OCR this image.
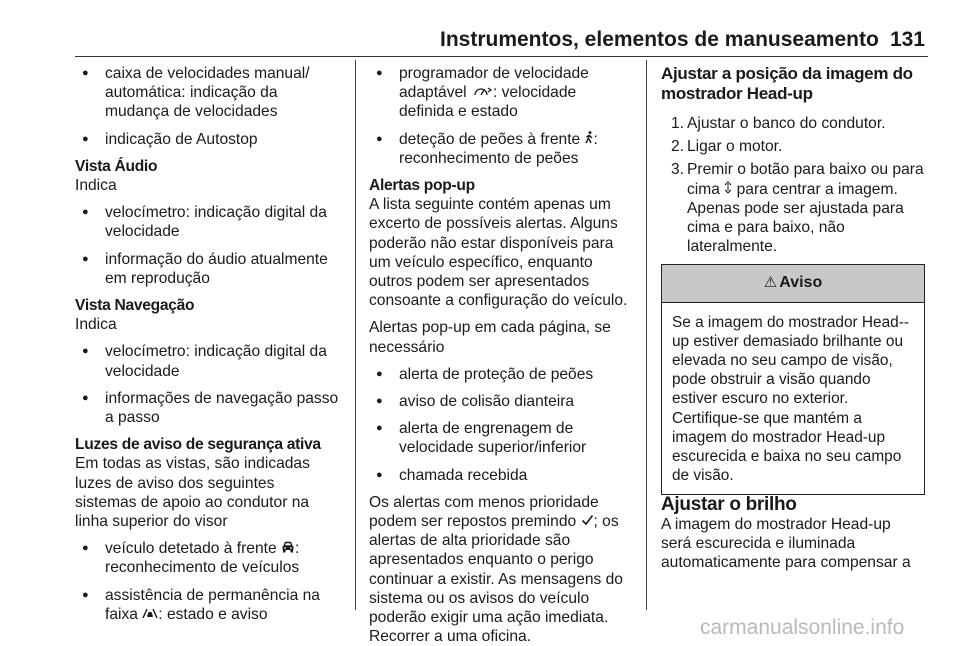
Instrumentos, elementos de manuseamento 131
● caixa de velocidades manual/ automática: indicação da mudança de velocidades
● indicação de Autostop

Vista Áudio

Indica

● velocímetro: indicação digital da velocidade
● informação do áudio atualmente em reprodução

Vista Navegação

Indica

● velocímetro: indicação digital da velocidade
● informações de navegação passo a passo

Luzes de aviso de segurança ativa

Em todas as vistas, são indicadas luzes de aviso dos seguintes sistemas de apoio ao condutor na linha superior do visor

● veículo detetado à frente : reconhecimento de veículos
● assistência de permanência na faixa : estado e aviso
● programador de velocidade adaptável : velocidade definida e estado
● deteção de peões à frente : reconhecimento de peões

Alertas pop-up

A lista seguinte contém apenas um excerto de possíveis alertas. Alguns poderão não estar disponíveis para um veículo específico, enquanto outros podem ser apresentados consoante a configuração do veículo.

Alertas pop-up em cada página, se necessário

● alerta de proteção de peões
● aviso de colisão dianteira
● alerta de engrenagem de velocidade superior/inferior
● chamada recebida

Os alertas com menos prioridade podem ser repostos premindo ; os alertas de alta prioridade são apresentados enquanto o perigo continuar a existir. As mensagens do sistema ou os avisos do veículo poderão exigir uma ação imediata. Recorrer a uma oficina.

Ajustar a posição da imagem do mostrador Head-up

1. Ajustar o banco do condutor.
2. Ligar o motor.
3. Premir o botão para baixo ou para cima  para centrar a imagem. Apenas pode ser ajustada para cima e para baixo, não lateralmente.
⚠ Aviso
Se a imagem do mostrador Head--up estiver demasiado brilhante ou elevada no seu campo de visão, pode obstruir a visão quando estiver escuro no exterior. Certifique-se que mantém a imagem do mostrador Head-up escurecida e baixa no seu campo de visão.

Ajustar o brilho

A imagem do mostrador Head-up será escurecida e iluminada automaticamente para compensar a

carmanualsonline.info
